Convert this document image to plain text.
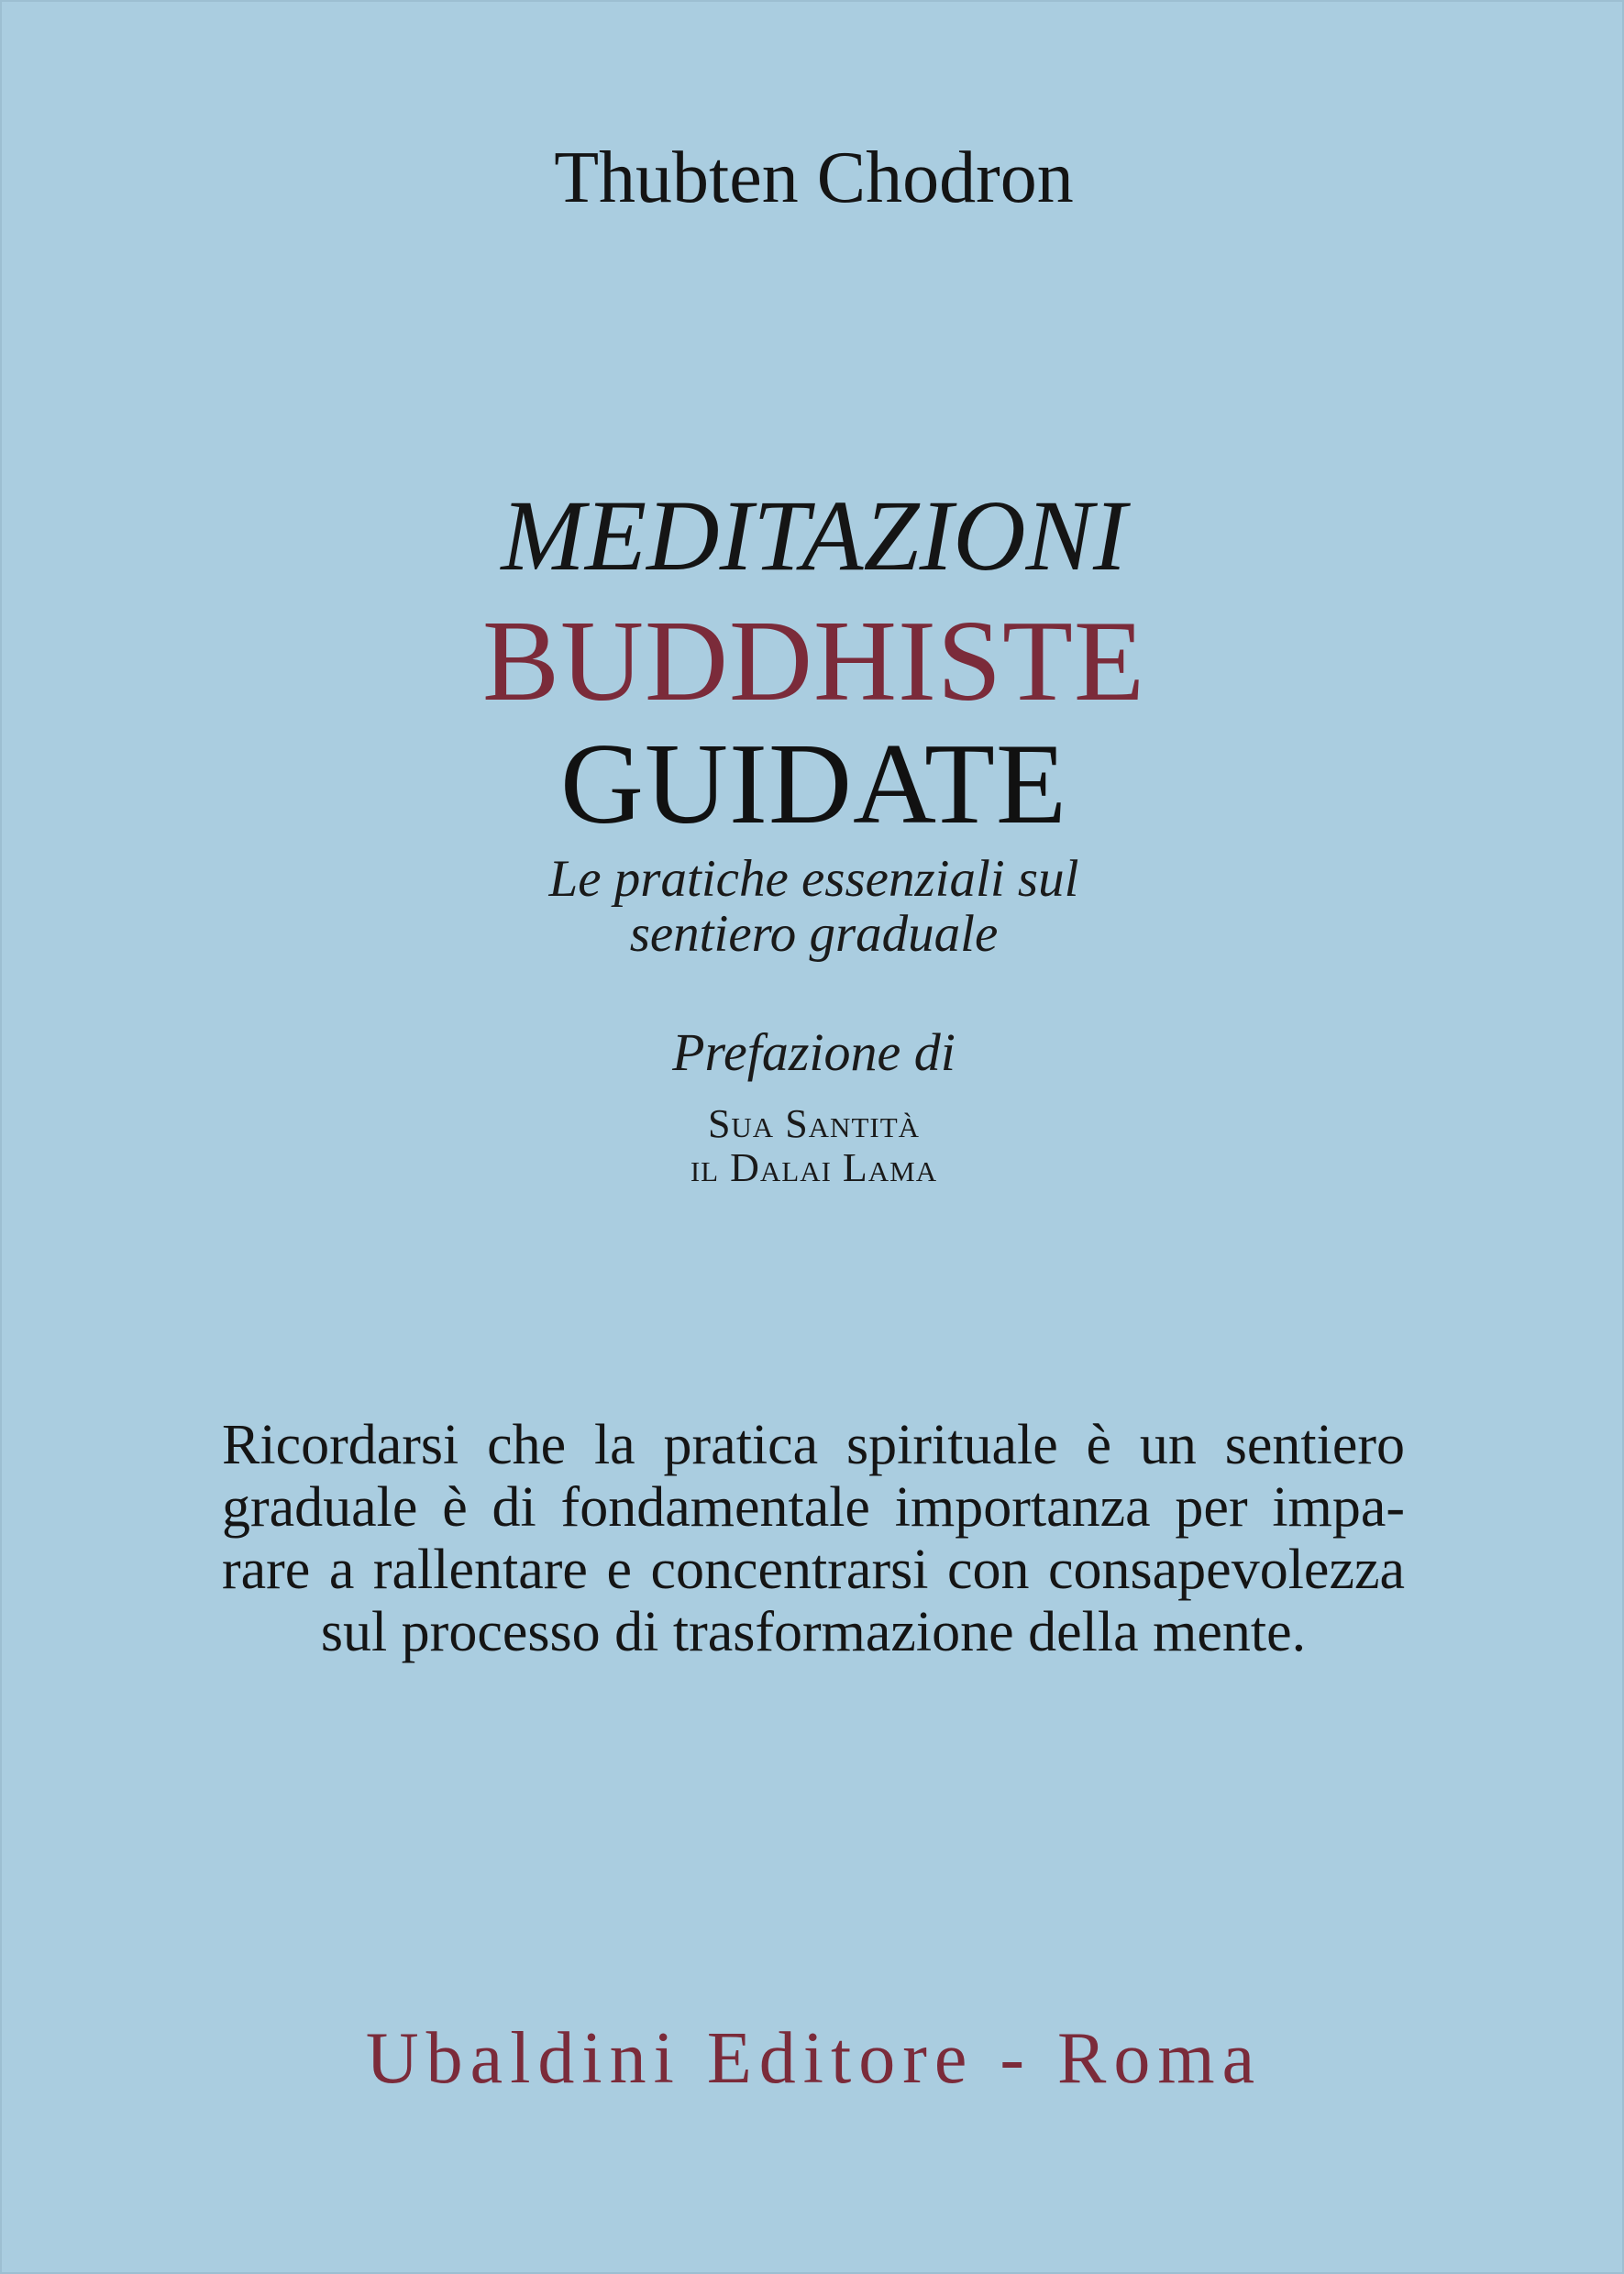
Thubten Chodron
MEDITAZIONI
BUDDHISTE
GUIDATE
Le pratiche essenziali sul
sentiero graduale
Prefazione di
Sua Santità
il Dalai Lama
Ricordarsi che la pratica spirituale è un sentiero
graduale è di fondamentale importanza per impa-
rare a rallentare e concentrarsi con consapevolezza
sul processo di trasformazione della mente.
Ubaldini Editore - Roma
